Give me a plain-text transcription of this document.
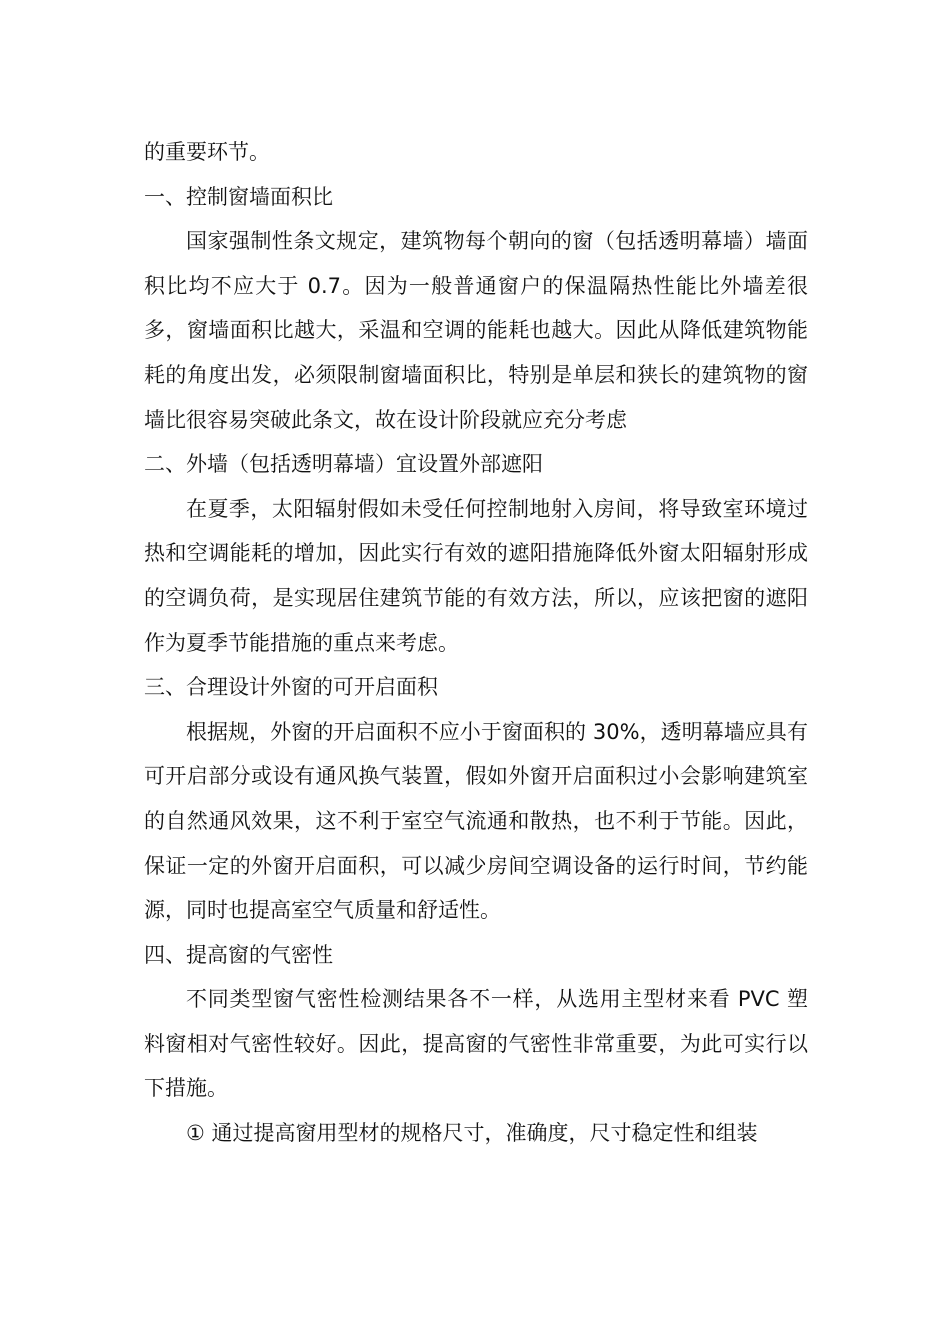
的重要环节。

一、控制窗墙面积比

国家强制性条文规定，建筑物每个朝向的窗（包括透明幕墙）墙面积比均不应大于 0.7。因为一般普通窗户的保温隔热性能比外墙差很多，窗墙面积比越大，采温和空调的能耗也越大。因此从降低建筑物能耗的角度出发，必须限制窗墙面积比，特别是单层和狭长的建筑物的窗墙比很容易突破此条文，故在设计阶段就应充分考虑

二、外墙（包括透明幕墙）宜设置外部遮阳

在夏季，太阳辐射假如未受任何控制地射入房间，将导致室环境过热和空调能耗的增加，因此实行有效的遮阳措施降低外窗太阳辐射形成的空调负荷，是实现居住建筑节能的有效方法，所以，应该把窗的遮阳作为夏季节能措施的重点来考虑。

三、合理设计外窗的可开启面积

根据规，外窗的开启面积不应小于窗面积的 30%，透明幕墙应具有可开启部分或设有通风换气装置，假如外窗开启面积过小会影响建筑室的自然通风效果，这不利于室空气流通和散热，也不利于节能。因此，保证一定的外窗开启面积，可以减少房间空调设备的运行时间，节约能源，同时也提高室空气质量和舒适性。

四、提高窗的气密性

不同类型窗气密性检测结果各不一样，从选用主型材来看 PVC 塑料窗相对气密性较好。因此，提高窗的气密性非常重要，为此可实行以下措施。

① 通过提高窗用型材的规格尺寸，准确度，尺寸稳定性和组装
